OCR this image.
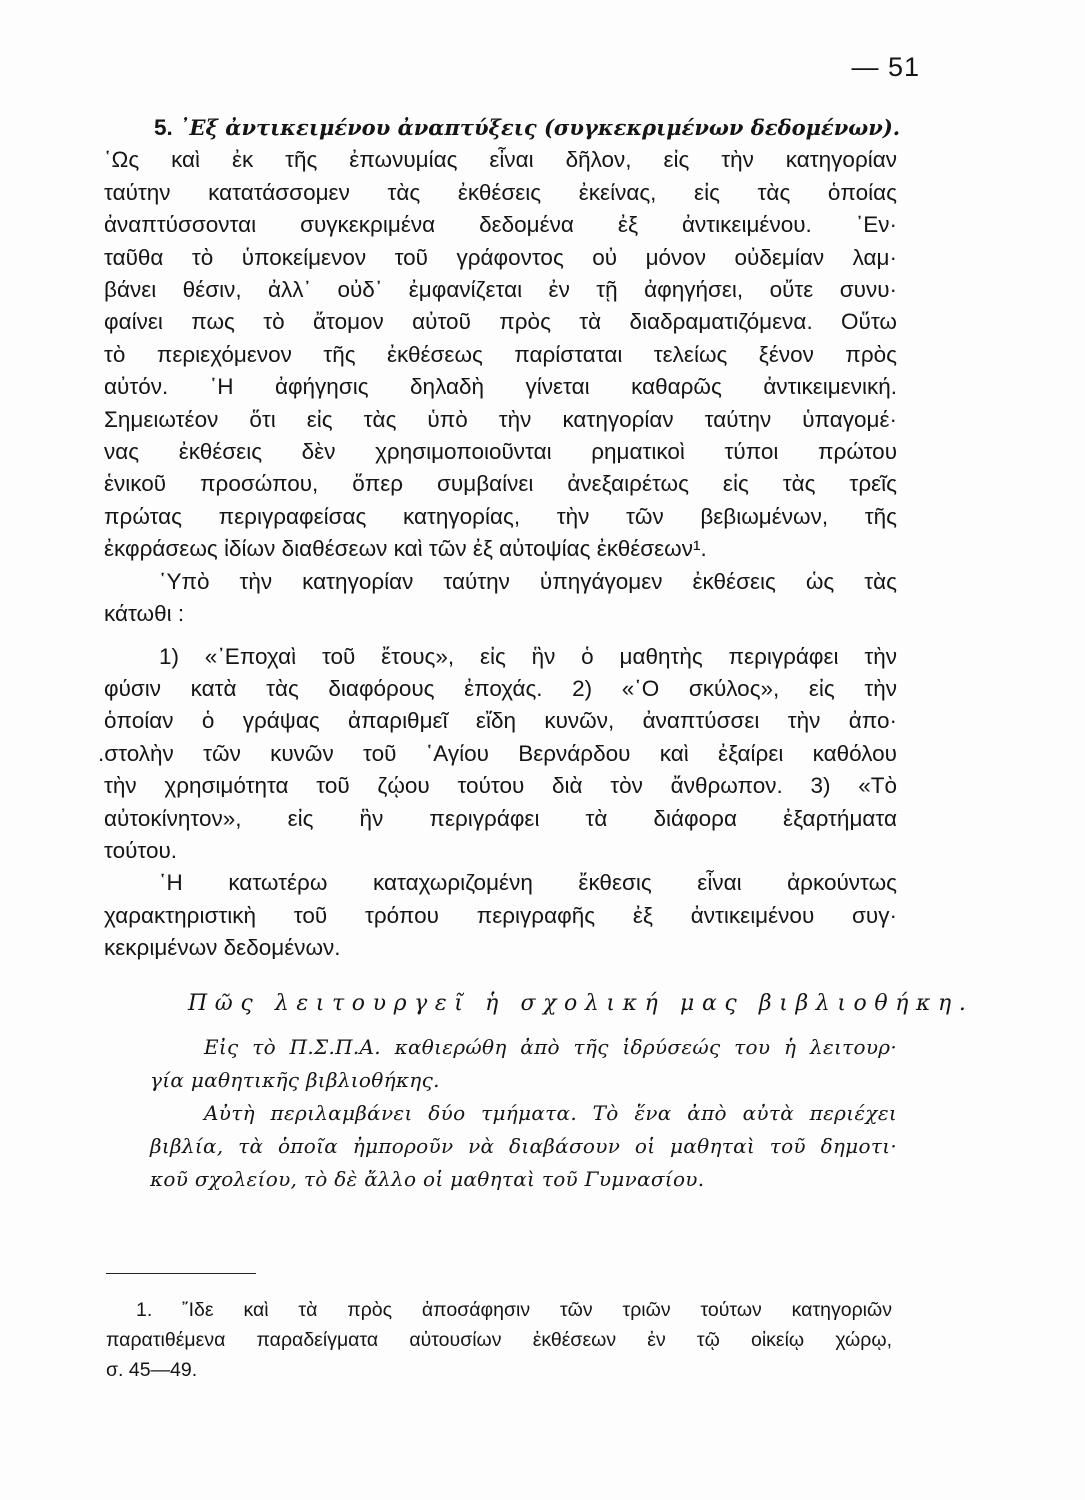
— 51
5. ᾿Εξ ἀντικειμένου ἀναπτύξεις (συγκεκριμένων δεδομένων).
῾Ως καὶ ἐκ τῆς ἐπωνυμίας εἶναι δῆλον, εἰς τὴν κατηγορίαν
ταύτην κατατάσσομεν τὰς ἐκθέσεις ἐκείνας, εἰς τὰς ὁποίας
ἀναπτύσσονται συγκεκριμένα δεδομένα ἐξ ἀντικειμένου. ᾿Εν·
ταῦθα τὸ ὑποκείμενον τοῦ γράφοντος οὐ μόνον οὐδεμίαν λαμ·
βάνει θέσιν, ἀλλ᾿ οὐδ᾿ ἐμφανίζεται ἐν τῇ ἀφηγήσει, οὔτε συνυ·
φαίνει πως τὸ ἄτομον αὐτοῦ πρὸς τὰ διαδραματιζόμενα. Οὕτω
τὸ περιεχόμενον τῆς ἐκθέσεως παρίσταται τελείως ξένον πρὸς
αὐτόν. ῾Η ἀφήγησις δηλαδὴ γίνεται καθαρῶς ἀντικειμενική.
Σημειωτέον ὅτι εἰς τὰς ὑπὸ τὴν κατηγορίαν ταύτην ὑπαγομέ·
νας ἐκθέσεις δὲν χρησιμοποιοῦνται ρηματικοὶ τύποι πρώτου
ἑνικοῦ προσώπου, ὅπερ συμβαίνει ἀνεξαιρέτως εἰς τὰς τρεῖς
πρώτας περιγραφείσας κατηγορίας, τὴν τῶν βεβιωμένων, τῆς
ἐκφράσεως ἰδίων διαθέσεων καὶ τῶν ἐξ αὐτοψίας ἐκθέσεων¹.
῾Υπὸ τὴν κατηγορίαν ταύτην ὑπηγάγομεν ἐκθέσεις ὡς τὰς
κάτωθι :
1) «᾿Εποχαὶ τοῦ ἔτους», εἰς ἣν ὁ μαθητὴς περιγράφει τὴν
φύσιν κατὰ τὰς διαφόρους ἐποχάς. 2) «῾Ο σκύλος», εἰς τὴν
ὁποίαν ὁ γράψας ἀπαριθμεῖ εἴδη κυνῶν, ἀναπτύσσει τὴν ἀπο·
.στολὴν τῶν κυνῶν τοῦ ῾Αγίου Βερνάρδου καὶ ἐξαίρει καθόλου
τὴν χρησιμότητα τοῦ ζῴου τούτου διὰ τὸν ἄνθρωπον. 3) «Τὸ
αὐτοκίνητον», εἰς ἣν περιγράφει τὰ διάφορα ἐξαρτήματα
τούτου.
῾Η κατωτέρω καταχωριζομένη ἔκθεσις εἶναι ἀρκούντως
χαρακτηριστικὴ τοῦ τρόπου περιγραφῆς ἐξ ἀντικειμένου συγ·
κεκριμένων δεδομένων.
Πῶς λειτουργεῖ ἡ σχολική μας βιβλιοθήκη.
Εἰς τὸ Π.Σ.Π.Α. καθιερώθη ἀπὸ τῆς ἱδρύσεώς του ἡ λειτουρ·
γία μαθητικῆς βιβλιοθήκης.
Αὐτὴ περιλαμβάνει δύο τμήματα. Τὸ ἕνα ἀπὸ αὐτὰ περιέχει
βιβλία, τὰ ὁποῖα ἠμποροῦν νὰ διαβάσουν οἱ μαθηταὶ τοῦ δημοτι·
κοῦ σχολείου, τὸ δὲ ἄλλο οἱ μαθηταὶ τοῦ Γυμνασίου.
1. ῎Ιδε καὶ τὰ πρὸς ἀποσάφησιν τῶν τριῶν τούτων κατηγοριῶν
παρατιθέμενα παραδείγματα αὐτουσίων ἐκθέσεων ἐν τῷ οἰκείῳ χώρῳ,
σ. 45—49.
